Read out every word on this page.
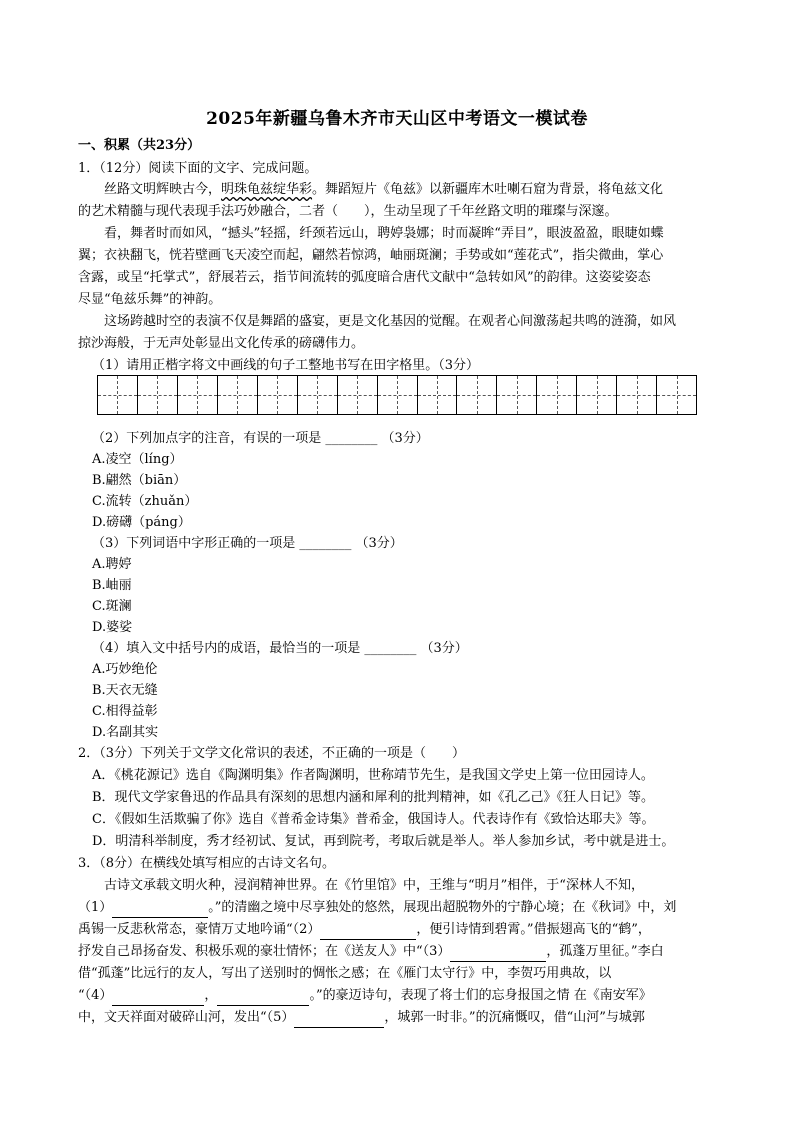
2025年新疆乌鲁木齐市天山区中考语文一模试卷
一、积累（共23分）
1．（12分）阅读下面的文字、完成问题。
丝路文明辉映古今，明珠龟兹绽华彩。舞蹈短片《龟兹》以新疆库木吐喇石窟为背景，将龟兹文化
的艺术精髓与现代表现手法巧妙融合，二者（　　），生动呈现了千年丝路文明的璀璨与深邃。
看，舞者时而如风，“撼头”轻摇，纤颈若远山，聘婷袅娜；时而凝眸“弄目”，眼波盈盈，眼睫如蝶
翼；衣袂翻飞，恍若壁画飞天凌空而起，翩然若惊鸿，岫丽斑澜；手势或如“莲花式”，指尖微曲，掌心
含露，或呈“托掌式”，舒展若云，指节间流转的弧度暗合唐代文献中“急转如风”的韵律。这姿娑姿态
尽显“龟兹乐舞”的神韵。
这场跨越时空的表演不仅是舞蹈的盛宴，更是文化基因的觉醒。在观者心间激荡起共鸣的涟漪，如风
掠沙海般，于无声处彰显出文化传承的磅礴伟力。
（1）请用正楷字将文中画线的句子工整地书写在田字格里。（3分）
（2）下列加点字的注音，有误的一项是 ________ （3分）
A.凌空（líng）
B.翩然（biān）
C.流转（zhuǎn）
D.磅礴（páng）
（3）下列词语中字形正确的一项是 ________ （3分）
A.聘婷
B.岫丽
C.斑澜
D.婆娑
（4）填入文中括号内的成语，最恰当的一项是 ________ （3分）
A.巧妙绝伦
B.天衣无缝
C.相得益彰
D.名副其实
2．（3分）下列关于文学文化常识的表述，不正确的一项是（　　）
A．《桃花源记》选自《陶渊明集》作者陶渊明，世称靖节先生，是我国文学史上第一位田园诗人。
B．现代文学家鲁迅的作品具有深刻的思想内涵和犀利的批判精神，如《孔乙己》《狂人日记》等。
C．《假如生活欺骗了你》选自《普希金诗集》普希金，俄国诗人。代表诗作有《致恰达耶夫》等。
D．明清科举制度，秀才经初试、复试，再到院考，考取后就是举人。举人参加乡试，考中就是进士。
3．（8分）在横线处填写相应的古诗文名句。
古诗文承载文明火种，浸润精神世界。在《竹里馆》中，王维与“明月”相伴，于“深林人不知，
（1）	。”的清幽之境中尽享独处的悠然，展现出超脱物外的宁静心境；在《秋词》中，刘
禹锡一反悲秋常态，豪情万丈地吟诵“（2）	，便引诗情到碧霄。”借振翅高飞的“鹤”，
抒发自己昂扬奋发、积极乐观的豪壮情怀；在《送友人》中“（3）	，孤蓬万里征。”李白
借“孤蓬”比远行的友人，写出了送别时的惆怅之感；在《雁门太守行》中，李贺巧用典故，以
“（4）	，	。”的豪迈诗句，表现了将士们的忘身报国之情 在《南安军》
中，文天祥面对破碎山河，发出“（5）	，城郭一时非。”的沉痛慨叹，借“山河”与城郭
